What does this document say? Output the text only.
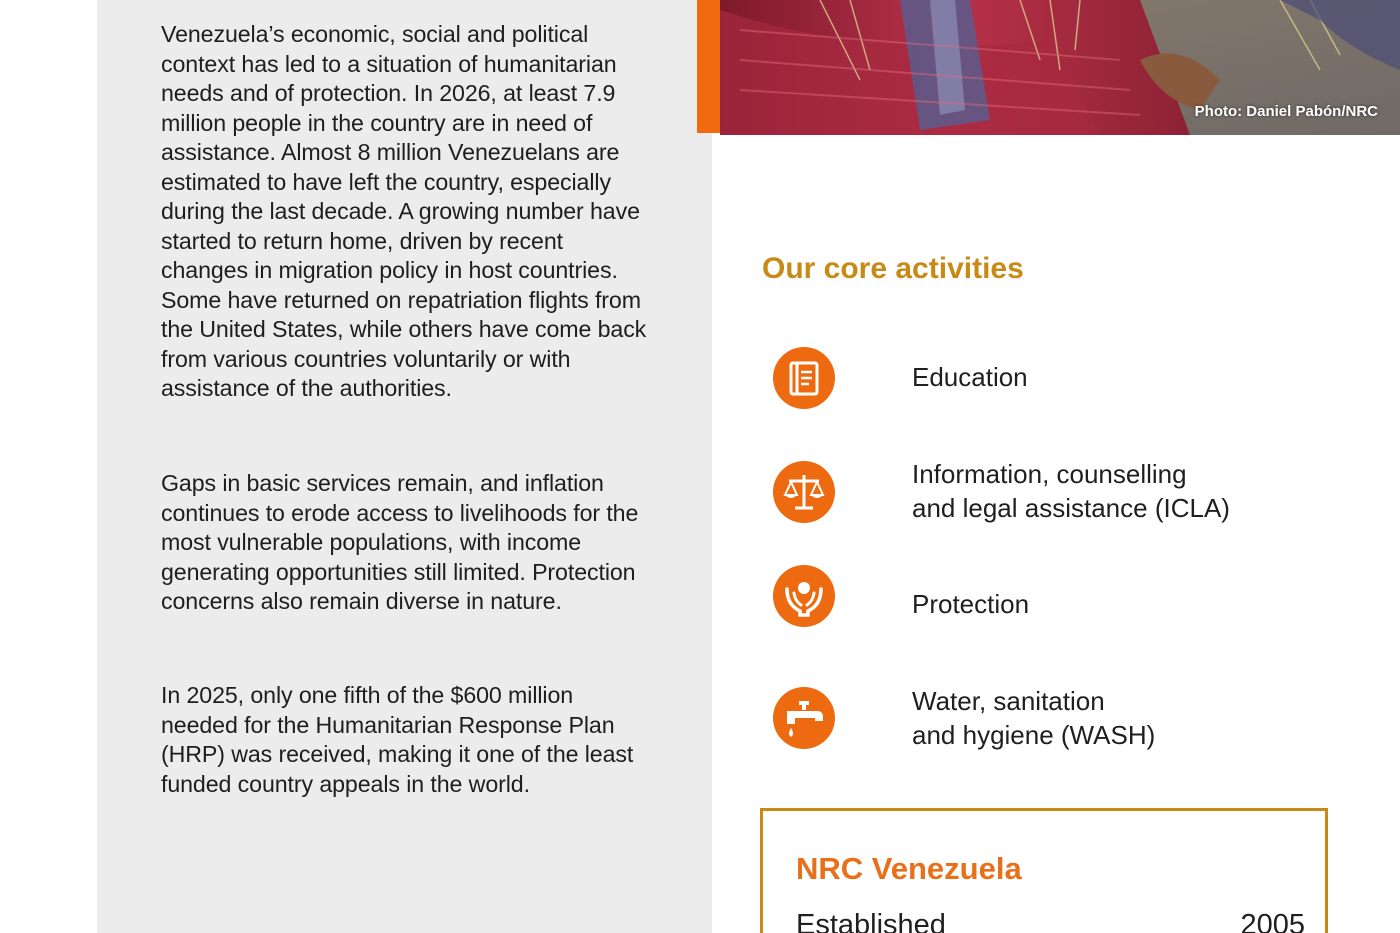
Venezuela’s economic, social and political context has led to a situation of humanitarian needs and of protection. In 2026, at least 7.9 million people in the country are in need of assistance. Almost 8 million Venezuelans are estimated to have left the country, especially during the last decade. A growing number have started to return home, driven by recent changes in migration policy in host countries. Some have returned on repatriation flights from the United States, while others have come back from various countries voluntarily or with assistance of the authorities.
Gaps in basic services remain, and inflation continues to erode access to livelihoods for the most vulnerable populations, with income generating opportunities still limited. Protection concerns also remain diverse in nature.
In 2025, only one fifth of the $600 million needed for the Humanitarian Response Plan (HRP) was received, making it one of the least funded country appeals in the world.
Photo: Daniel Pabón/NRC
Our core activities
Education
Information, counselling
and legal assistance (ICLA)
Protection
Water, sanitation
and hygiene (WASH)
NRC Venezuela
Established	2005
